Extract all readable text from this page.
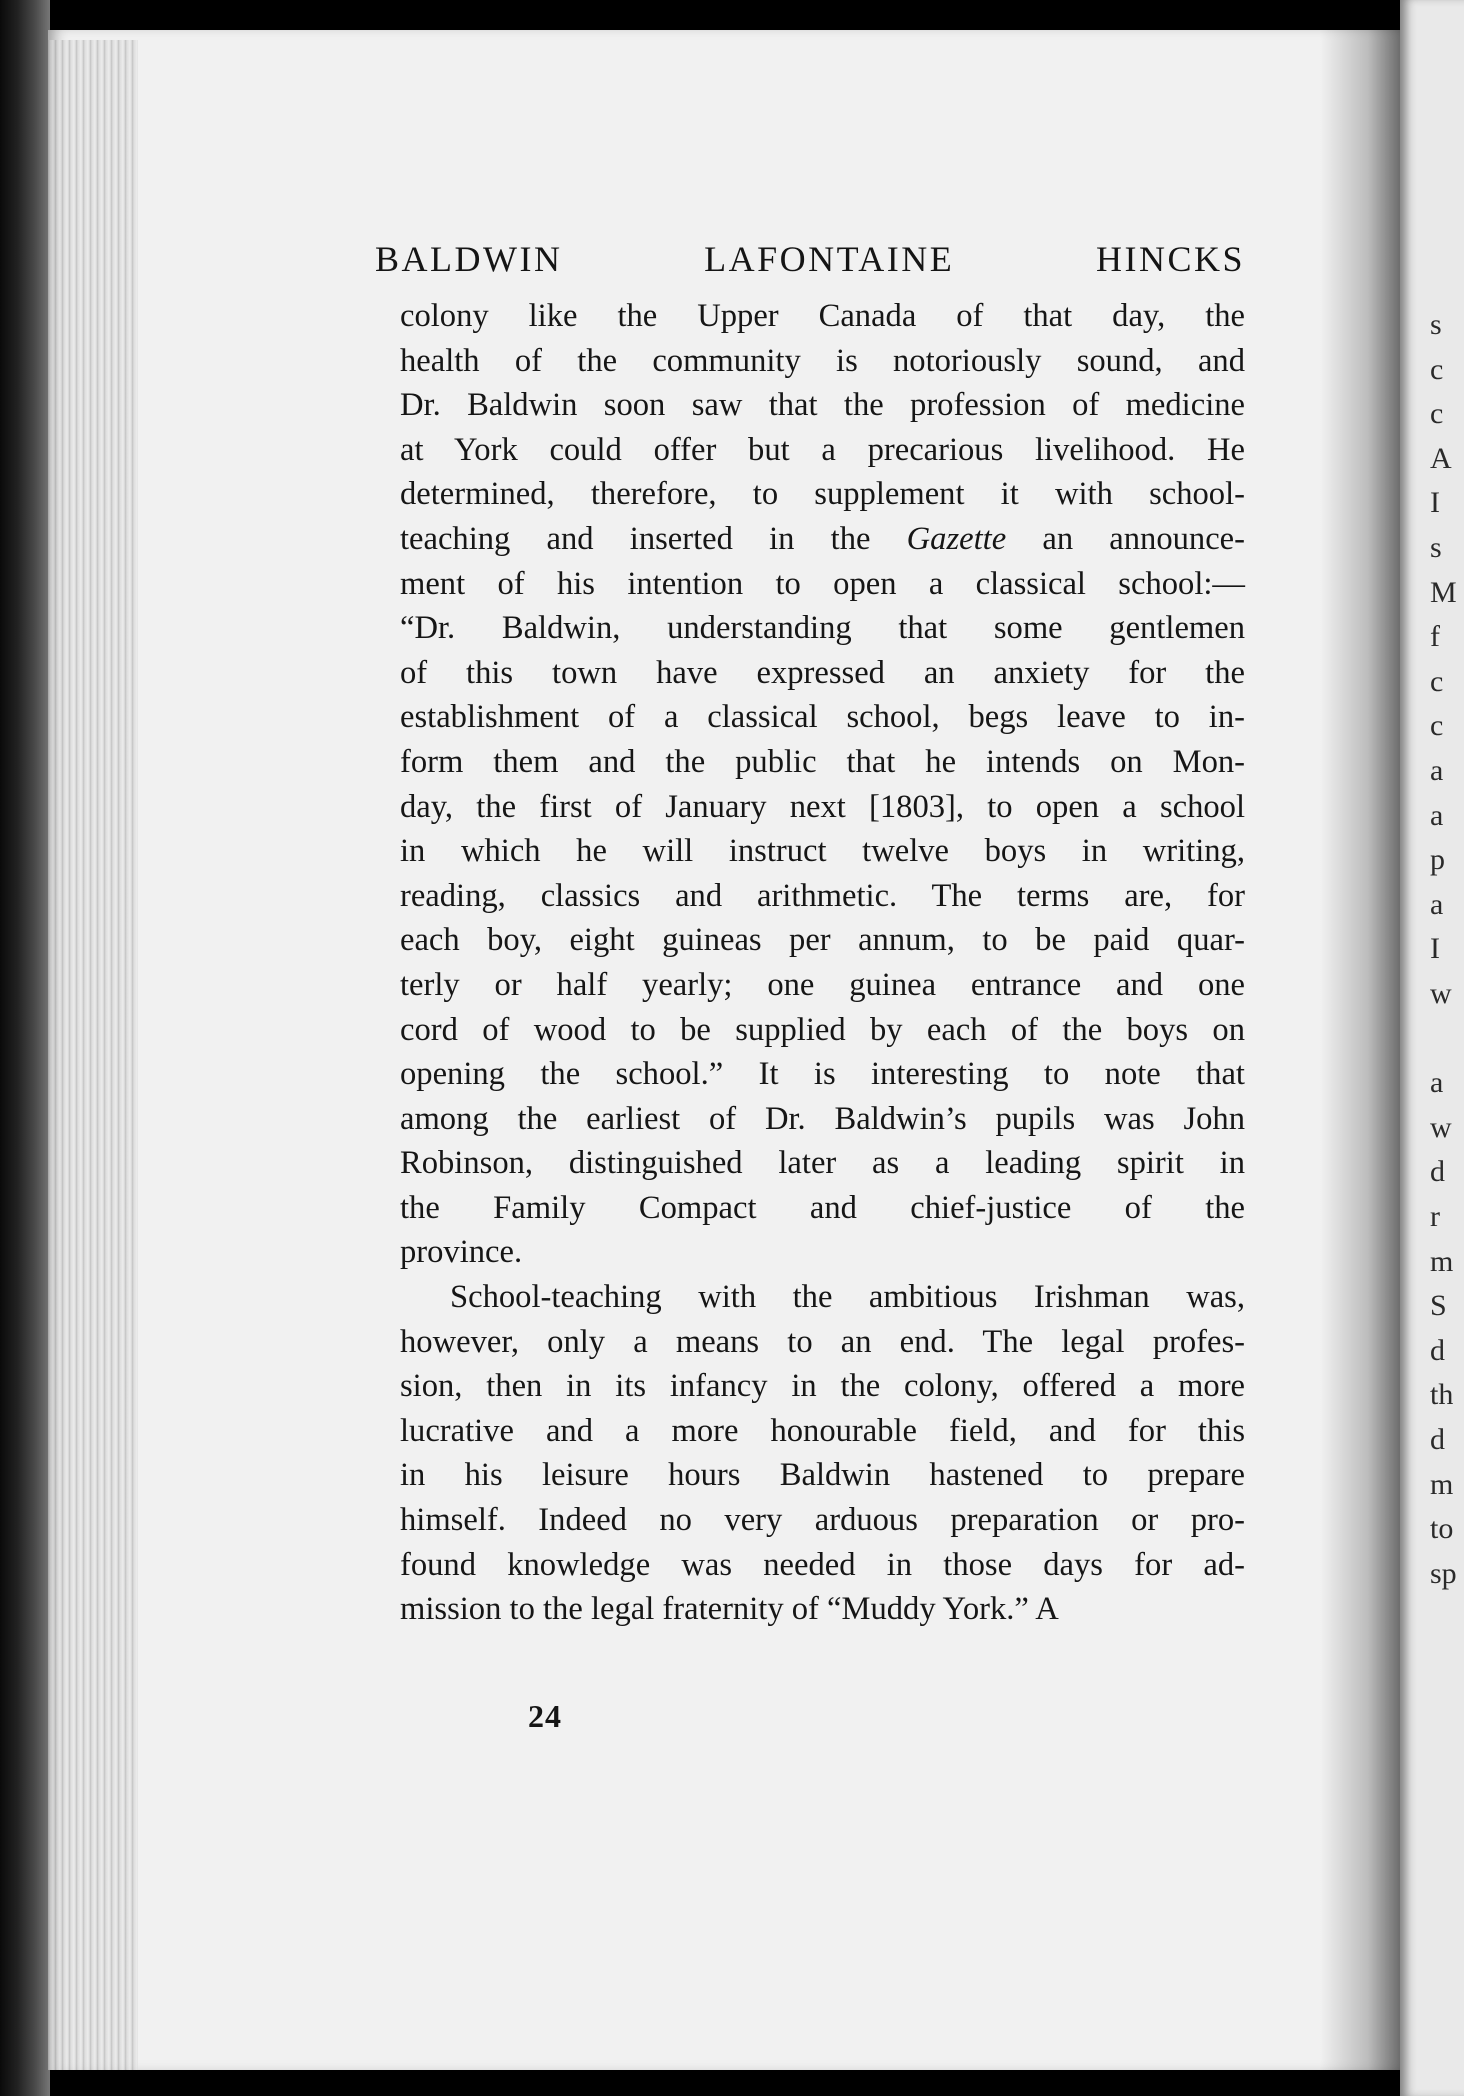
s
c
c
A
I
s
M
f
c
c
a
a
p
a
I
w
a
w
d
r
m
S
d
th
d
m
to
sp
BALDWIN LAFONTAINE HINCKS
colony like the Upper Canada of that day, the
health of the community is notoriously sound, and
Dr. Baldwin soon saw that the profession of medicine
at York could offer but a precarious livelihood. He
determined, therefore, to supplement it with school-
teaching and inserted in the Gazette an announce-
ment of his intention to open a classical school:—
“Dr. Baldwin, understanding that some gentlemen
of this town have expressed an anxiety for the
establishment of a classical school, begs leave to in-
form them and the public that he intends on Mon-
day, the first of January next [1803], to open a school
in which he will instruct twelve boys in writing,
reading, classics and arithmetic. The terms are, for
each boy, eight guineas per annum, to be paid quar-
terly or half yearly; one guinea entrance and one
cord of wood to be supplied by each of the boys on
opening the school.” It is interesting to note that
among the earliest of Dr. Baldwin’s pupils was John
Robinson, distinguished later as a leading spirit in
the Family Compact and chief-justice of the
province.
School-teaching with the ambitious Irishman was,
however, only a means to an end. The legal profes-
sion, then in its infancy in the colony, offered a more
lucrative and a more honourable field, and for this
in his leisure hours Baldwin hastened to prepare
himself. Indeed no very arduous preparation or pro-
found knowledge was needed in those days for ad-
mission to the legal fraternity of “Muddy York.” A
24
